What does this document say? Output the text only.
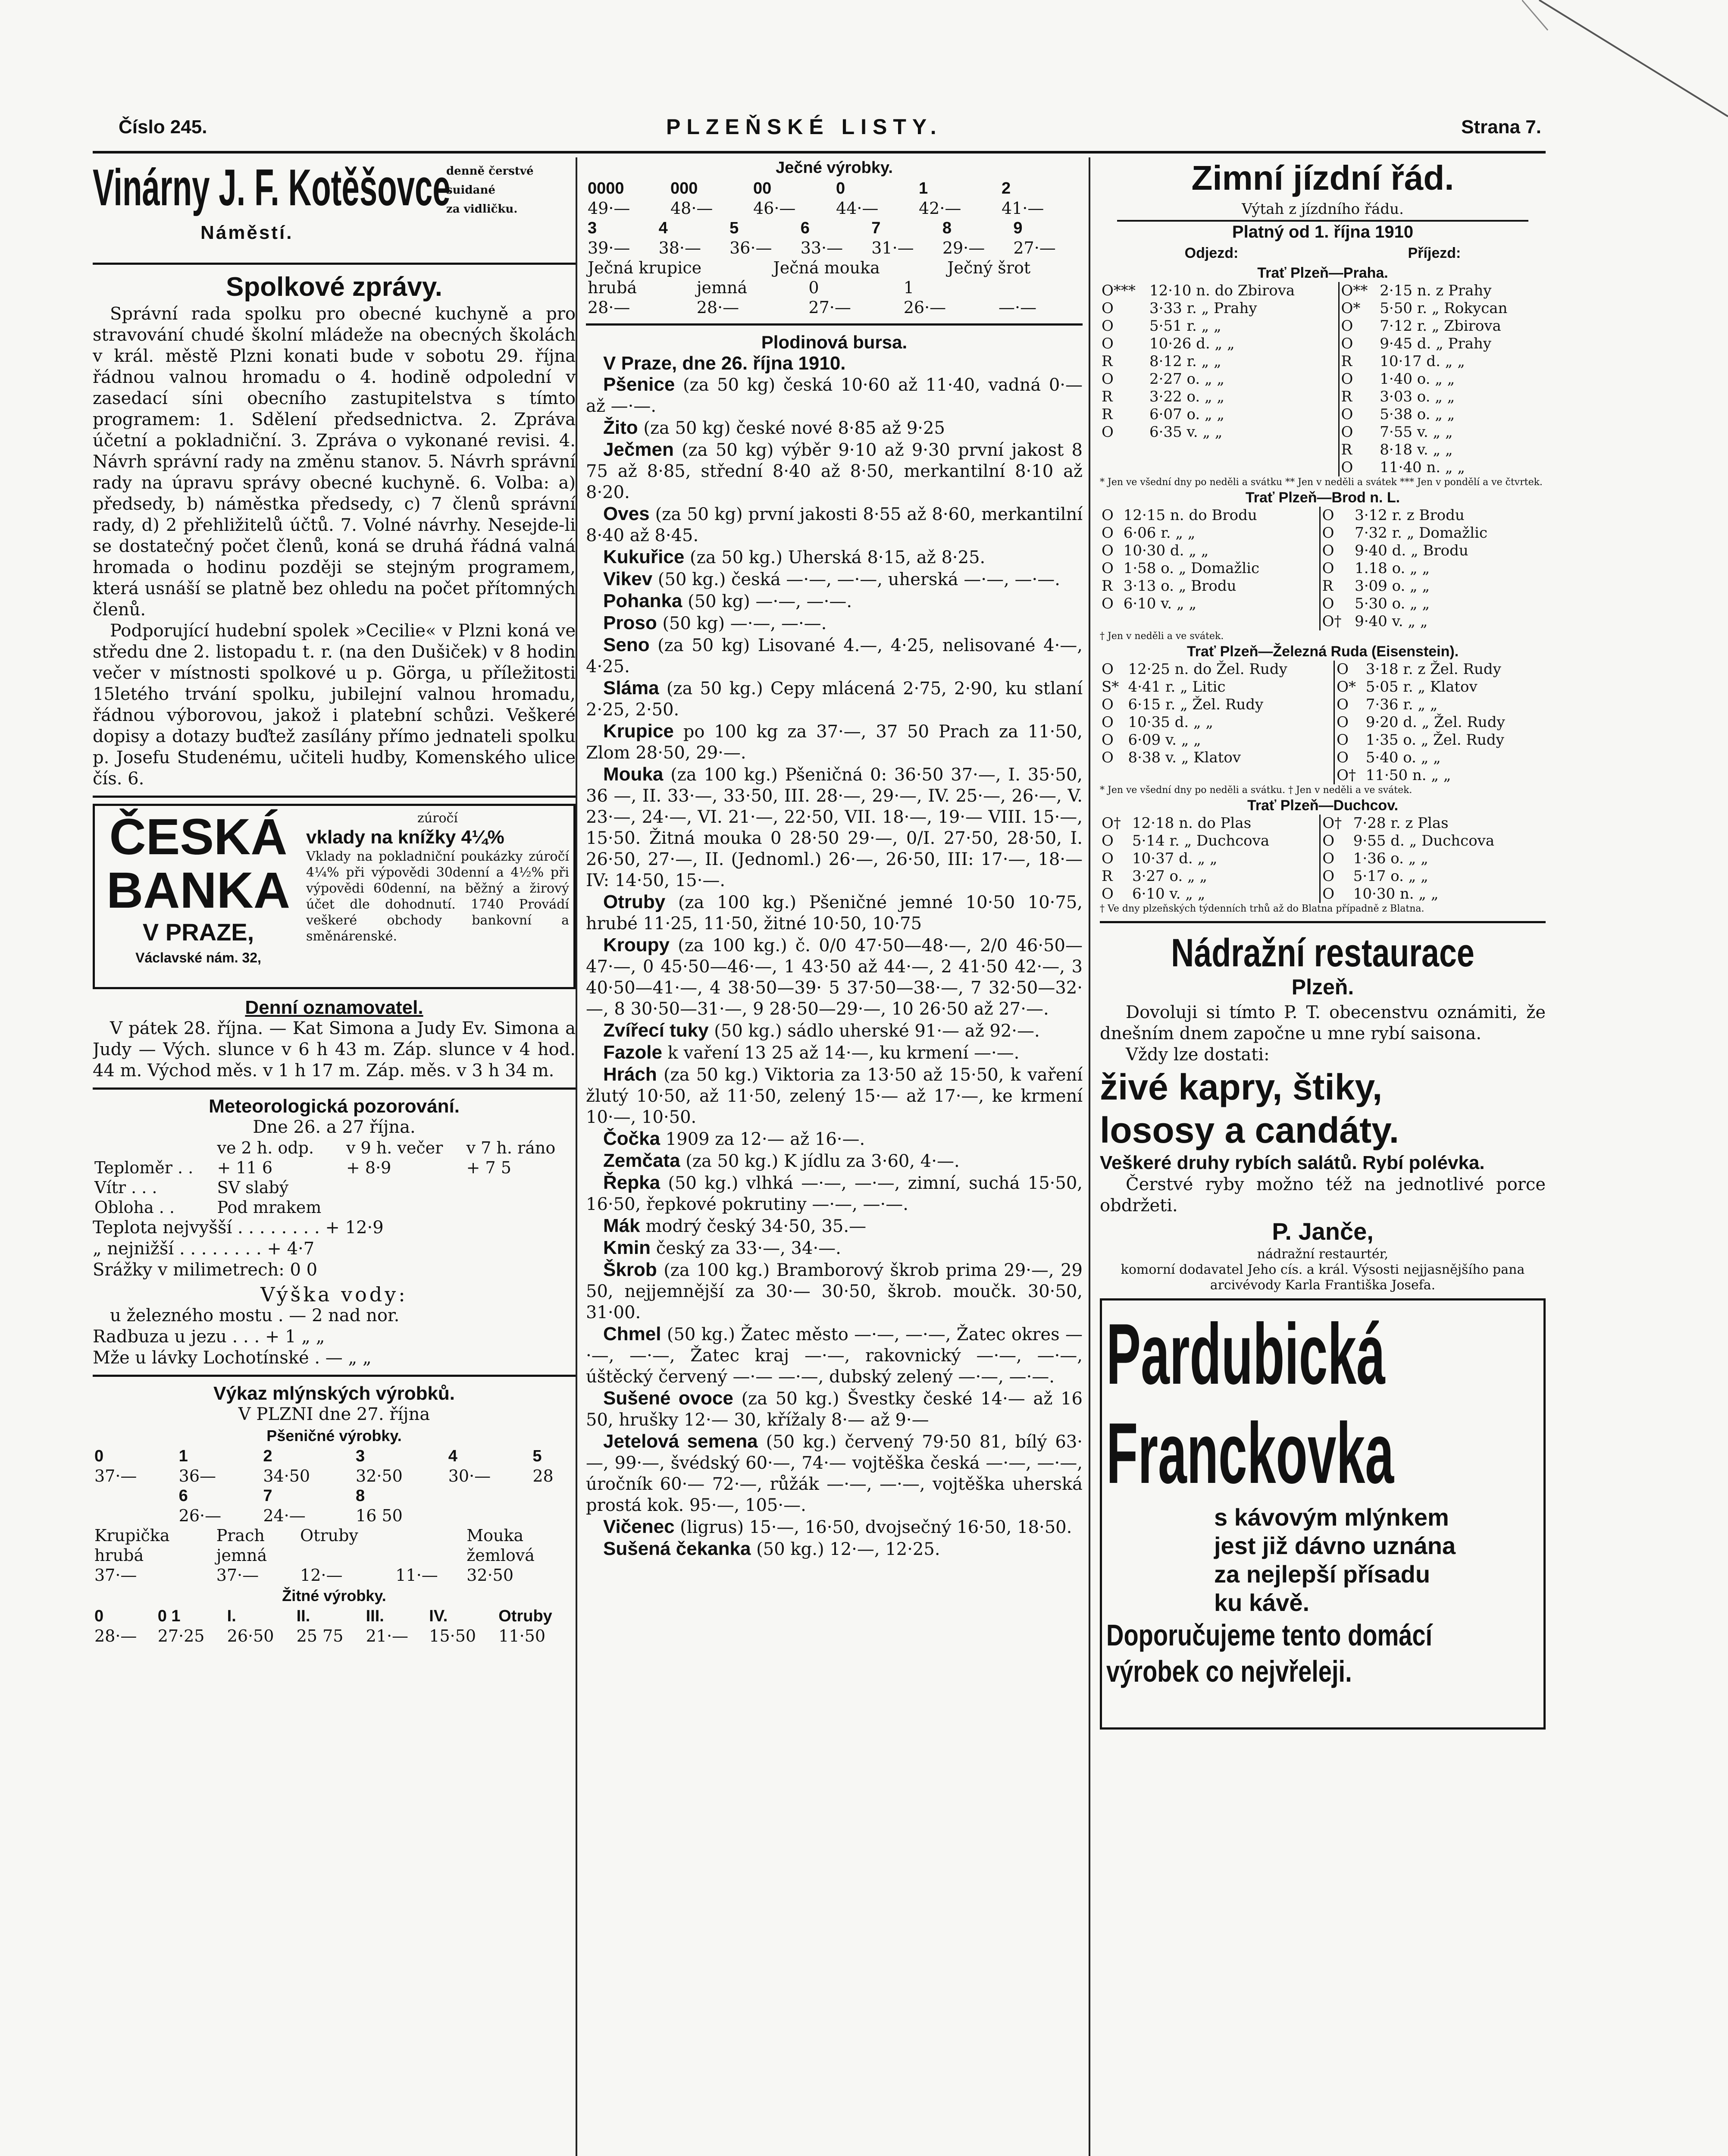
Číslo 245.	PLZEŇSKÉ LISTY.	Strana 7.
Vinárny J. F. Kotěšovce
denně čerstvé
suidané
za vidličku.
Náměstí.
Spolkové zprávy.

Správní rada spolku pro obecné kuchyně a pro stravování chudé školní mládeže na obecných školách v král. městě Plzni konati bude v sobotu 29. října řádnou valnou hromadu o 4. hodině odpolední v zasedací síni obecního zastupitelstva s tímto programem: 1. Sdělení předsednictva. 2. Zpráva účetní a pokladniční. 3. Zpráva o vykonané revisi. 4. Návrh správní rady na změnu stanov. 5. Návrh správní rady na úpravu správy obecné kuchyně. 6. Volba: a) předsedy, b) náměstka předsedy, c) 7 členů správní rady, d) 2 přehližitelů účtů. 7. Volné návrhy. Nesejde-li se dostatečný počet členů, koná se druhá řádná valná hromada o hodinu později se stejným programem, která usnáší se platně bez ohledu na počet přítomných členů.

Podporující hudební spolek »Cecilie« v Plzni koná ve středu dne 2. listopadu t. r. (na den Dušiček) v 8 hodin večer v místnosti spolkové u p. Görga, u příležitosti 15letého trvání spolku, jubilejní valnou hromadu, řádnou výborovou, jakož i platební schůzi. Veškeré dopisy a dotazy buďtež zasílány přímo jednateli spolku p. Josefu Studenému, učiteli hudby, Komenského ulice čís. 6.

ČESKÁ
BANKA
V PRAZE,
Václavské nám. 32,
zúročí
vklady na knížky 4¼%
Vklady na pokladniční poukázky zúročí 4¼% při výpovědi 30denní a 4½% při výpovědi 60denní, na běžný a žirový účet dle dohodnutí. 1740 Provádí veškeré obchody bankovní a směnárenské.
Denní oznamovatel.

V pátek 28. října. — Kat Simona a Judy Ev. Simona a Judy — Vých. slunce v 6 h 43 m. Záp. slunce v 4 hod. 44 m. Východ měs. v 1 h 17 m. Záp. měs. v 3 h 34 m.

Meteorologická pozorování.
Dne 26. a 27 října.
	ve 2 h. odp.	v 9 h. večer	v 7 h. ráno
Teploměr . .	+ 11 6	+ 8·9	+ 7 5
Vítr . . .	SV slabý		
Obloha . .	Pod mrakem		
Teplota nejvyšší . . . . . . . . + 12·9
„ nejnižší . . . . . . . . + 4·7
Srážky v milimetrech: 0 0
Výška vody:
u železného mostu . — 2 nad nor.
Radbuza u jezu . . . + 1 „ „
Mže u lávky Lochotínské . — „ „
Výkaz mlýnských výrobků.
V PLZNI dne 27. října
Pšeničné výrobky.
0	1	2	3	4	5
37·—	36—	34·50	32·50	30·—	28
	6	7	8		
	26·—	24·—	16 50		
Krupička	Prach	Otruby		Mouka
hrubá	jemná			žemlová
37·—	37·—	12·—	11·—	32·50
Žitné výrobky.
0	0 1	I.	II.	III.	IV.	Otruby
28·—	27·25	26·50	25 75	21·—	15·50	11·50
Ječné výrobky.
0000	000	00	0	1	2
49·—	48·—	46·—	44·—	42·—	41·—
3	4	5	6	7	8	9
39·—	38·—	36·—	33·—	31·—	29·—	27·—
Ječná krupice	Ječná mouka	Ječný šrot
hrubá	jemná	0	1	
28·—	28·—	27·—	26·—	—·—
Plodinová bursa.
V Praze, dne 26. října 1910.

Pšenice (za 50 kg) česká 10·60 až 11·40, vadná 0·— až —·—.

Žito (za 50 kg) české nové 8·85 až 9·25

Ječmen (za 50 kg) výběr 9·10 až 9·30 první jakost 8 75 až 8·85, střední 8·40 až 8·50, merkantilní 8·10 až 8·20.

Oves (za 50 kg) první jakosti 8·55 až 8·60, merkantilní 8·40 až 8·45.

Kukuřice (za 50 kg.) Uherská 8·15, až 8·25.

Vikev (50 kg.) česká —·—, —·—, uherská —·—, —·—.

Pohanka (50 kg) —·—, —·—.

Proso (50 kg) —·—, —·—.

Seno (za 50 kg) Lisované 4.—, 4·25, nelisované 4·—, 4·25.

Sláma (za 50 kg.) Cepy mlácená 2·75, 2·90, ku stlaní 2·25, 2·50.

Krupice po 100 kg za 37·—, 37 50 Prach za 11·50, Zlom 28·50, 29·—.

Mouka (za 100 kg.) Pšeničná 0: 36·50 37·—, I. 35·50, 36 —, II. 33·—, 33·50, III. 28·—, 29·—, IV. 25·—, 26·—, V. 23·—, 24·—, VI. 21·—, 22·50, VII. 18·—, 19·— VIII. 15·—, 15·50. Žitná mouka 0 28·50 29·—, 0/I. 27·50, 28·50, I. 26·50, 27·—, II. (Jednoml.) 26·—, 26·50, III: 17·—, 18·— IV: 14·50, 15·—.

Otruby (za 100 kg.) Pšeničné jemné 10·50 10·75, hrubé 11·25, 11·50, žitné 10·50, 10·75

Kroupy (za 100 kg.) č. 0/0 47·50—48·—, 2/0 46·50—47·—, 0 45·50—46·—, 1 43·50 až 44·—, 2 41·50 42·—, 3 40·50—41·—, 4 38·50—39· 5 37·50—38·—, 7 32·50—32·—, 8 30·50—31·—, 9 28·50—29·—, 10 26·50 až 27·—.

Zvířecí tuky (50 kg.) sádlo uherské 91·— až 92·—.

Fazole k vaření 13 25 až 14·—, ku krmení —·—.

Hrách (za 50 kg.) Viktoria za 13·50 až 15·50, k vaření žlutý 10·50, až 11·50, zelený 15·— až 17·—, ke krmení 10·—, 10·50.

Čočka 1909 za 12·— až 16·—.

Zemčata (za 50 kg.) K jídlu za 3·60, 4·—.

Řepka (50 kg.) vlhká —·—, —·—, zimní, suchá 15·50, 16·50, řepkové pokrutiny —·—, —·—.

Mák modrý český 34·50, 35.—

Kmin český za 33·—, 34·—.

Škrob (za 100 kg.) Bramborový škrob prima 29·—, 29 50, nejjemnější za 30·— 30·50, škrob. moučk. 30·50, 31·00.

Chmel (50 kg.) Žatec město —·—, —·—, Žatec okres —·—, —·—, Žatec kraj —·—, rakovnický —·—, —·—, úštěcký červený —·— —·—, dubský zelený —·—, —·—.

Sušené ovoce (za 50 kg.) Švestky české 14·— až 16 50, hrušky 12·— 30, křížaly 8·— až 9·—

Jetelová semena (50 kg.) červený 79·50 81, bílý 63·—, 99·—, švédský 60·—, 74·— vojtěška česká —·—, —·—, úročník 60·— 72·—, růžák —·—, —·—, vojtěška uherská prostá kok. 95·—, 105·—.

Vičenec (ligrus) 15·—, 16·50, dvojsečný 16·50, 18·50.

Sušená čekanka (50 kg.) 12·—, 12·25.

Zimní jízdní řád.
Výtah z jízdního řádu.
Platný od 1. října 1910
Odjezd:	Příjezd:
Trať Plzeň—Praha.
O***	12·10 n. do Zbirova	O**	2·15 n. z Prahy
O	3·33 r. „ Prahy	O*	5·50 r. „ Rokycan
O	5·51 r. „ „	O	7·12 r. „ Zbirova
O	10·26 d. „ „	O	9·45 d. „ Prahy
R	8·12 r. „ „	R	10·17 d. „ „
O	2·27 o. „ „	O	1·40 o. „ „
R	3·22 o. „ „	R	3·03 o. „ „
R	6·07 o. „ „	O	5·38 o. „ „
O	6·35 v. „ „	O	7·55 v. „ „
		R	8·18 v. „ „
		O	11·40 n. „ „
* Jen ve všední dny po neděli a svátku ** Jen v neděli a svátek *** Jen v pondělí a ve čtvrtek.
Trať Plzeň—Brod n. L.
O	12·15 n. do Brodu	O	3·12 r. z Brodu
O	6·06 r. „ „	O	7·32 r. „ Domažlic
O	10·30 d. „ „	O	9·40 d. „ Brodu
O	1·58 o. „ Domažlic	O	1.18 o. „ „
R	3·13 o. „ Brodu	R	3·09 o. „ „
O	6·10 v. „ „	O	5·30 o. „ „
		O†	9·40 v. „ „
† Jen v neděli a ve svátek.
Trať Plzeň—Železná Ruda (Eisenstein).
O	12·25 n. do Žel. Rudy	O	3·18 r. z Žel. Rudy
S*	4·41 r. „ Litic	O*	5·05 r. „ Klatov
O	6·15 r. „ Žel. Rudy	O	7·36 r. „ „
O	10·35 d. „ „	O	9·20 d. „ Žel. Rudy
O	6·09 v. „ „	O	1·35 o. „ Žel. Rudy
O	8·38 v. „ Klatov	O	5·40 o. „ „
		O†	11·50 n. „ „
* Jen ve všední dny po neděli a svátku. † Jen v neděli a ve svátek.
Trať Plzeň—Duchcov.
O†	12·18 n. do Plas	O†	7·28 r. z Plas
O	5·14 r. „ Duchcova	O	9·55 d. „ Duchcova
O	10·37 d. „ „	O	1·36 o. „ „
R	3·27 o. „ „	O	5·17 o. „ „
O	6·10 v. „ „	O	10·30 n. „ „
† Ve dny plzeňských týdenních trhů až do Blatna případně z Blatna.
Nádražní restaurace
Plzeň.

Dovoluji si tímto P. T. obecenstvu oznámiti, že dnešním dnem započne u mne rybí saisona.

Vždy lze dostati:

živé kapry, štiky,
lososy a candáty.
Veškeré druhy rybích salátů. Rybí polévka.

Čerstvé ryby možno též na jednotlivé porce obdržeti.

P. Janče,
nádražní restaurtér,
komorní dodavatel Jeho cís. a král. Výsosti nejjasnějšího pana arcivévody Karla Františka Josefa.
Pardubická
Franckovka
s kávovým mlýnkem
jest již dávno uznána
za nejlepší přísadu
ku kávě.
Doporučujeme tento domácí
výrobek co nejvřeleji.
